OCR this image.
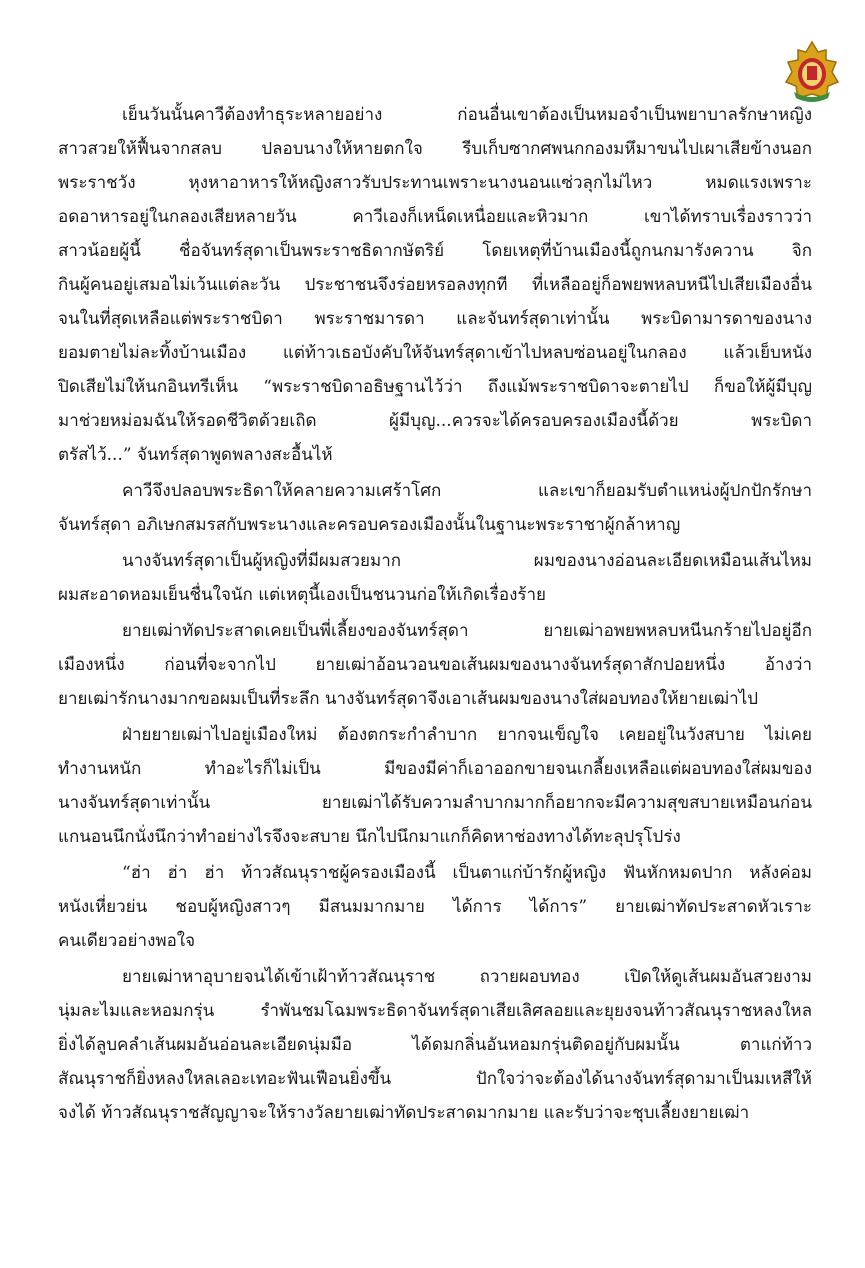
เย็นวันนั้นคาวีต้องทำธุระหลายอย่าง ก่อนอื่นเขาต้องเป็นหมอจำเป็นพยาบาลรักษาหญิง
สาวสวยให้ฟื้นจากสลบ ปลอบนางให้หายตกใจ รีบเก็บซากศพนกกองมหึมาขนไปเผาเสียข้างนอก
พระราชวัง หุงหาอาหารให้หญิงสาวรับประทานเพราะนางนอนแซ่วลุกไม่ไหว หมดแรงเพราะ
อดอาหารอยู่ในกลองเสียหลายวัน คาวีเองก็เหน็ดเหนื่อยและหิวมาก เขาได้ทราบเรื่องราวว่า
สาวน้อยผู้นี้ ชื่อจันทร์สุดาเป็นพระราชธิดากษัตริย์ โดยเหตุที่บ้านเมืองนี้ถูกนกมารังควาน จิก
กินผู้คนอยู่เสมอไม่เว้นแต่ละวัน ประชาชนจึงร่อยหรอลงทุกที ที่เหลืออยู่ก็อพยพหลบหนีไปเสียเมืองอื่น
จนในที่สุดเหลือแต่พระราชบิดา พระราชมารดา และจันทร์สุดาเท่านั้น พระบิดามารดาของนาง
ยอมตายไม่ละทิ้งบ้านเมือง แต่ท้าวเธอบังคับให้จันทร์สุดาเข้าไปหลบซ่อนอยู่ในกลอง แล้วเย็บหนัง
ปิดเสียไม่ให้นกอินทรีเห็น “พระราชบิดาอธิษฐานไว้ว่า ถึงแม้พระราชบิดาจะตายไป ก็ขอให้ผู้มีบุญ
มาช่วยหม่อมฉันให้รอดชีวิตด้วยเถิด ผู้มีบุญ...ควรจะได้ครอบครองเมืองนี้ด้วย พระบิดา
ตรัสไว้...” จันทร์สุดาพูดพลางสะอื้นไห้
คาวีจึงปลอบพระธิดาให้คลายความเศร้าโศก และเขาก็ยอมรับตำแหน่งผู้ปกปักรักษา
จันทร์สุดา อภิเษกสมรสกับพระนางและครอบครองเมืองนั้นในฐานะพระราชาผู้กล้าหาญ
นางจันทร์สุดาเป็นผู้หญิงที่มีผมสวยมาก ผมของนางอ่อนละเอียดเหมือนเส้นไหม
ผมสะอาดหอมเย็นชื่นใจนัก แต่เหตุนี้เองเป็นชนวนก่อให้เกิดเรื่องร้าย
ยายเฒ่าทัดประสาดเคยเป็นพี่เลี้ยงของจันทร์สุดา ยายเฒ่าอพยพหลบหนีนกร้ายไปอยู่อีก
เมืองหนึ่ง ก่อนที่จะจากไป ยายเฒ่าอ้อนวอนขอเส้นผมของนางจันทร์สุดาสักปอยหนึ่ง อ้างว่า
ยายเฒ่ารักนางมากขอผมเป็นที่ระลึก นางจันทร์สุดาจึงเอาเส้นผมของนางใส่ผอบทองให้ยายเฒ่าไป
ฝ่ายยายเฒ่าไปอยู่เมืองใหม่ ต้องตกระกำลำบาก ยากจนเข็ญใจ เคยอยู่ในวังสบาย ไม่เคย
ทำงานหนัก ทำอะไรก็ไม่เป็น มีของมีค่าก็เอาออกขายจนเกลี้ยงเหลือแต่ผอบทองใส่ผมของ
นางจันทร์สุดาเท่านั้น ยายเฒ่าได้รับความลำบากมากก็อยากจะมีความสุขสบายเหมือนก่อน
แกนอนนึกนั่งนึกว่าทำอย่างไรจึงจะสบาย นึกไปนึกมาแกก็คิดหาช่องทางได้ทะลุปรุโปร่ง
“ฮ่า ฮ่า ฮ่า ท้าวสัณนุราชผู้ครองเมืองนี้ เป็นตาแก่บ้ารักผู้หญิง ฟันหักหมดปาก หลังค่อม
หนังเหี่ยวย่น ชอบผู้หญิงสาวๆ มีสนมมากมาย ได้การ ได้การ” ยายเฒ่าทัดประสาดหัวเราะ
คนเดียวอย่างพอใจ
ยายเฒ่าหาอุบายจนได้เข้าเฝ้าท้าวสัณนุราช ถวายผอบทอง เปิดให้ดูเส้นผมอันสวยงาม
นุ่มละไมและหอมกรุ่น รำพันชมโฉมพระธิดาจันทร์สุดาเสียเลิศลอยและยุยงจนท้าวสัณนุราชหลงใหล
ยิ่งได้ลูบคลำเส้นผมอันอ่อนละเอียดนุ่มมือ ได้ดมกลิ่นอันหอมกรุ่นติดอยู่กับผมนั้น ตาแก่ท้าว
สัณนุราชก็ยิ่งหลงใหลเลอะเทอะฟันเฟือนยิ่งขึ้น ปักใจว่าจะต้องได้นางจันทร์สุดามาเป็นมเหสีให้
จงได้ ท้าวสัณนุราชสัญญาจะให้รางวัลยายเฒ่าทัดประสาดมากมาย และรับว่าจะชุบเลี้ยงยายเฒ่า
